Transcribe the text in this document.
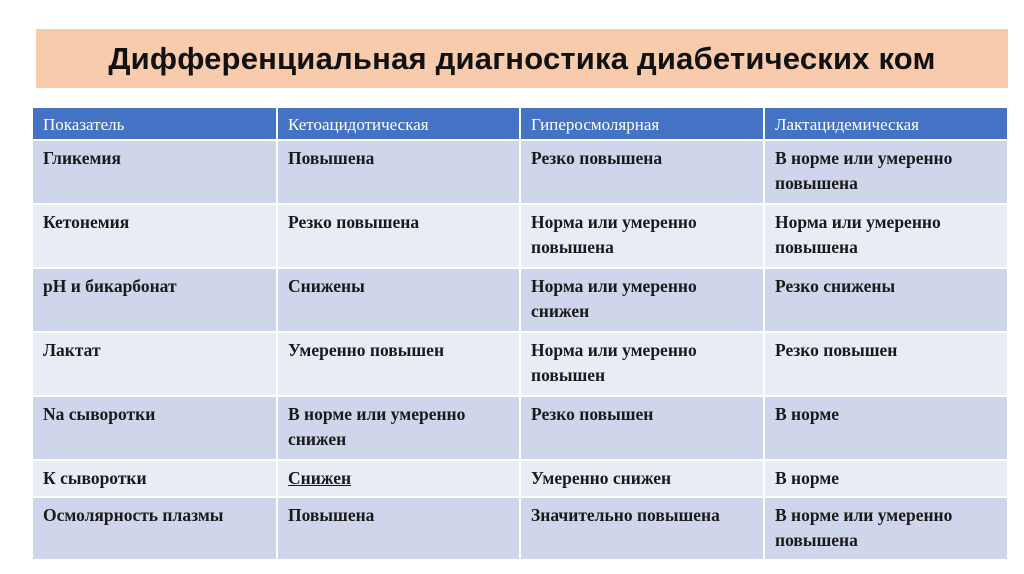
Дифференциальная диагностика диабетических ком
Показатель	Кетоацидотическая	Гиперосмолярная	Лактацидемическая
Гликемия	Повышена	Резко повышена	В норме или умеренно повышена
Кетонемия	Резко повышена	Норма или умеренно повышена	Норма или умеренно повышена
pH и бикарбонат	Снижены	Норма или умеренно снижен	Резко снижены
Лактат	Умеренно повышен	Норма или умеренно повышен	Резко повышен
Na сыворотки	В норме или умеренно снижен	Резко повышен	В норме
К сыворотки	Снижен	Умеренно снижен	В норме
Осмолярность плазмы	Повышена	Значительно повышена	В норме или умеренно повышена
